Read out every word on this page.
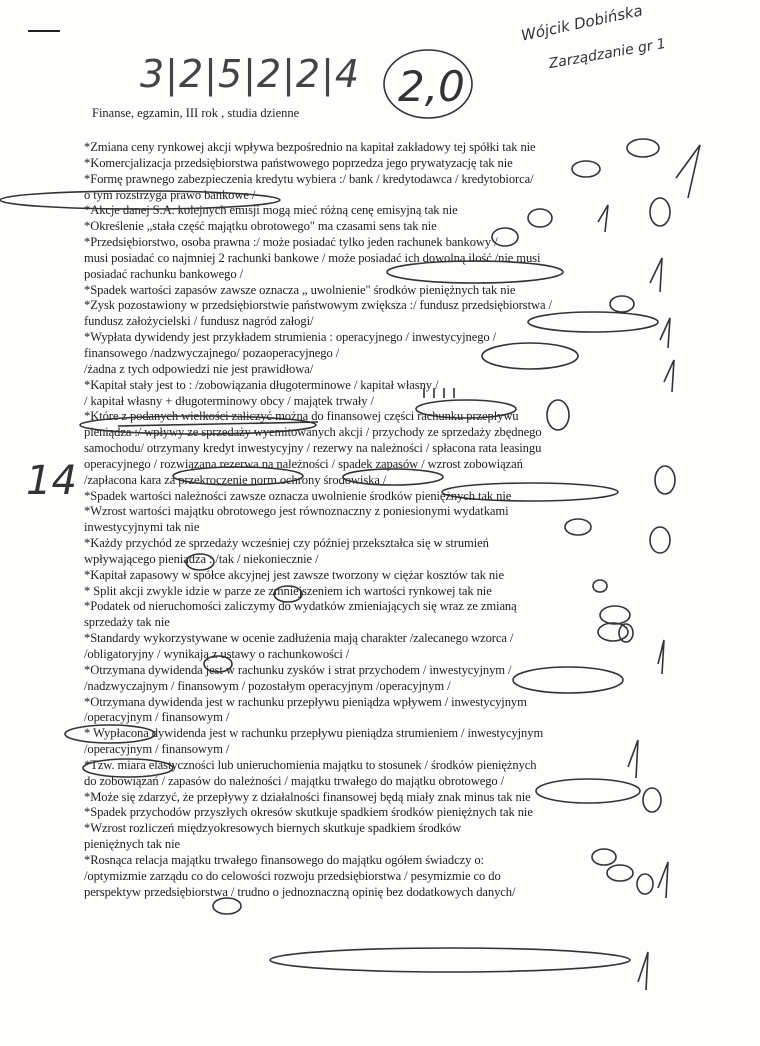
3|2|5|2|2|4
Wójcik Dobińska
Zarządzanie gr 1
2,0
14
Finanse, egzamin, III rok , studia dzienne
*Zmiana ceny rynkowej akcji wpływa bezpośrednio na kapitał zakładowy tej spółki tak nie
*Komercjalizacja przedsiębiorstwa państwowego poprzedza jego prywatyzację tak nie
*Formę prawnego zabezpieczenia kredytu wybiera :/ bank / kredytodawca / kredytobiorca/
o tym rozstrzyga prawo bankowe /
*Akcje danej S.A. kolejnych emisji mogą mieć różną cenę emisyjną tak nie
*Określenie „stała część majątku obrotowego" ma czasami sens tak nie
*Przedsiębiorstwo, osoba prawna :/ może posiadać tylko jeden rachunek bankowy /
musi posiadać co najmniej 2 rachunki bankowe / może posiadać ich dowolną ilość /nie musi
posiadać rachunku bankowego /
*Spadek wartości zapasów zawsze oznacza „ uwolnienie" środków pieniężnych tak nie
*Zysk pozostawiony w przedsiębiorstwie państwowym zwiększa :/ fundusz przedsiębiorstwa /
fundusz założycielski / fundusz nagród załogi/
*Wypłata dywidendy jest przykładem strumienia : operacyjnego / inwestycyjnego /
finansowego /nadzwyczajnego/ pozaoperacyjnego /
/żadna z tych odpowiedzi nie jest prawidłowa/
*Kapitał stały jest to : /zobowiązania długoterminowe / kapitał własny /
/ kapitał własny + długoterminowy obcy / majątek trwały /
*Które z podanych wielkości zaliczyć można do finansowej części rachunku przepływu
pieniądza :/ wpływy ze sprzedaży wyemitowanych akcji / przychody ze sprzedaży zbędnego
samochodu/ otrzymany kredyt inwestycyjny / rezerwy na należności / spłacona rata leasingu
operacyjnego / rozwiązana rezerwa na należności / spadek zapasów / wzrost zobowiązań
/zapłacona kara za przekroczenie norm ochrony środowiska /
*Spadek wartości należności zawsze oznacza uwolnienie środków pieniężnych tak nie
*Wzrost wartości majątku obrotowego jest równoznaczny z poniesionymi wydatkami
inwestycyjnymi tak nie
*Każdy przychód ze sprzedaży wcześniej czy później przekształca się w strumień
wpływającego pieniądza : /tak / niekoniecznie /
*Kapitał zapasowy w spółce akcyjnej jest zawsze tworzony w ciężar kosztów tak nie
* Split akcji zwykle idzie w parze ze zmniejszeniem ich wartości rynkowej tak nie
*Podatek od nieruchomości zaliczymy do wydatków zmieniających się wraz ze zmianą
sprzedaży tak nie
*Standardy wykorzystywane w ocenie zadłużenia mają charakter /zalecanego wzorca /
/obligatoryjny / wynikają z ustawy o rachunkowości /
*Otrzymana dywidenda jest w rachunku zysków i strat przychodem / inwestycyjnym /
/nadzwyczajnym / finansowym / pozostałym operacyjnym /operacyjnym /
*Otrzymana dywidenda jest w rachunku przepływu pieniądza wpływem / inwestycyjnym
/operacyjnym / finansowym /
* Wypłacona dywidenda jest w rachunku przepływu pieniądza strumieniem / inwestycyjnym
/operacyjnym / finansowym /
*Tzw. miara elastyczności lub unieruchomienia majątku to stosunek / środków pieniężnych
do zobowiązań / zapasów do należności / majątku trwałego do majątku obrotowego /
*Może się zdarzyć, że przepływy z działalności finansowej będą miały znak minus tak nie
*Spadek przychodów przyszłych okresów skutkuje spadkiem środków pieniężnych tak nie
*Wzrost rozliczeń międzyokresowych biernych skutkuje spadkiem środków
pieniężnych tak nie
*Rosnąca relacja majątku trwałego finansowego do majątku ogółem świadczy o:
/optymizmie zarządu co do celowości rozwoju przedsiębiorstwa / pesymizmie co do
perspektyw przedsiębiorstwa / trudno o jednoznaczną opinię bez dodatkowych danych/
